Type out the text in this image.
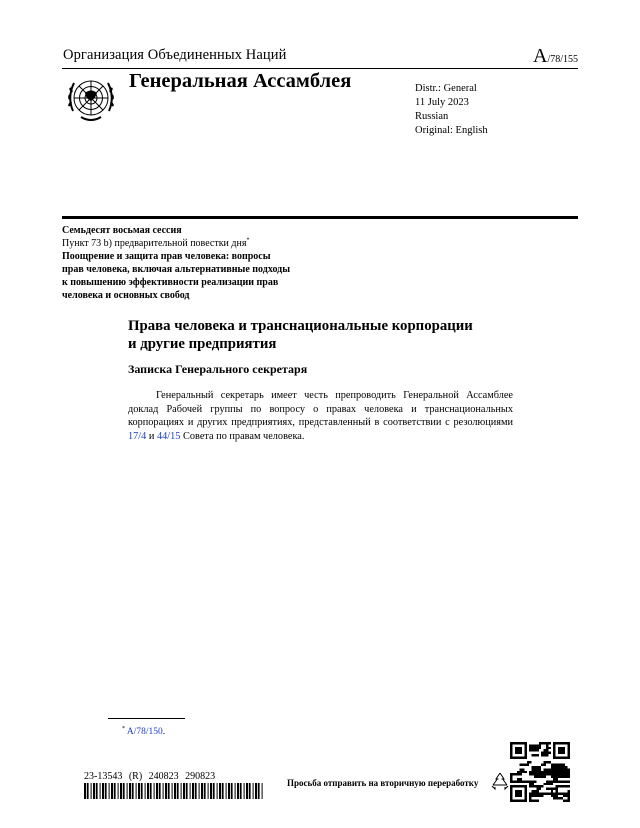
Организация Объединенных Наций	A/78/155
Генеральная Ассамблея	Distr.: General
11 July 2023
Russian
Original: English
Семьдесят восьмая сессия
Пункт 73 b) предварительной повестки дня*
Поощрение и защита прав человека: вопросы
прав человека, включая альтернативные подходы
к повышению эффективности реализации прав
человека и основных свобод
Права человека и транснациональные корпорации
и другие предприятия
Записка Генерального секретаря
Генеральный секретарь имеет честь препроводить Генеральной Ассамблее доклад Рабочей группы по вопросу о правах человека и транснациональных корпорациях и других предприятиях, представленный в соответствии с резолюциями 17/4 и 44/15 Совета по правам человека.
* A/78/150.
23-13543 (R) 240823 290823
Просьба отправить на вторичную переработку
